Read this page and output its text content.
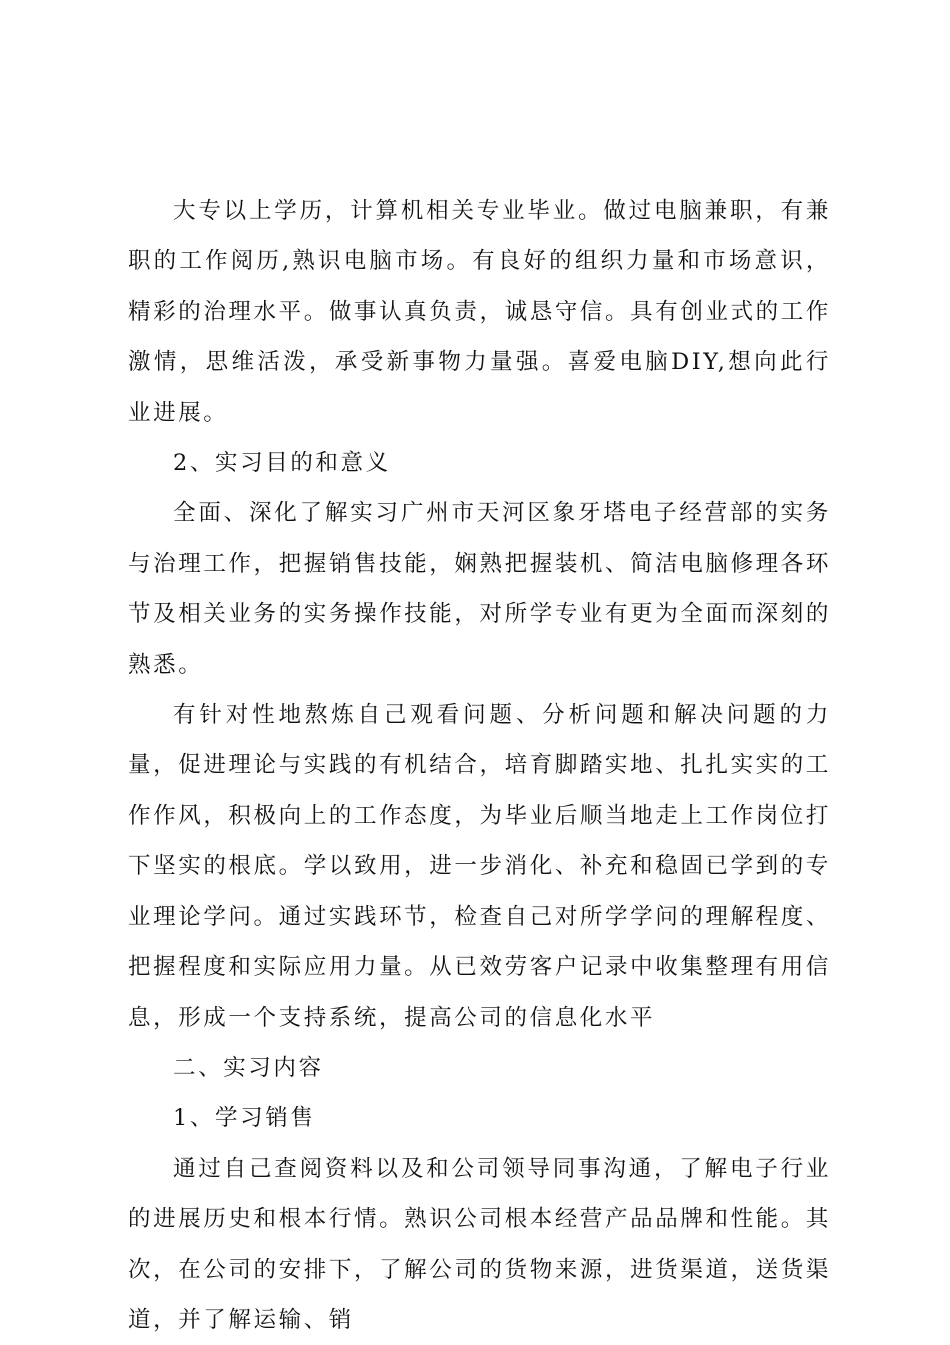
大专以上学历，计算机相关专业毕业。做过电脑兼职，有兼职的工作阅历,熟识电脑市场。有良好的组织力量和市场意识，精彩的治理水平。做事认真负责，诚恳守信。具有创业式的工作激情，思维活泼，承受新事物力量强。喜爱电脑DIY,想向此行业进展。

2、实习目的和意义

全面、深化了解实习广州市天河区象牙塔电子经营部的实务与治理工作，把握销售技能，娴熟把握装机、简洁电脑修理各环节及相关业务的实务操作技能，对所学专业有更为全面而深刻的熟悉。

有针对性地熬炼自己观看问题、分析问题和解决问题的力量，促进理论与实践的有机结合，培育脚踏实地、扎扎实实的工作作风，积极向上的工作态度，为毕业后顺当地走上工作岗位打下坚实的根底。学以致用，进一步消化、补充和稳固已学到的专业理论学问。通过实践环节，检查自己对所学学问的理解程度、把握程度和实际应用力量。从已效劳客户记录中收集整理有用信息，形成一个支持系统，提高公司的信息化水平

二、实习内容

1、学习销售

通过自己查阅资料以及和公司领导同事沟通，了解电子行业的进展历史和根本行情。熟识公司根本经营产品品牌和性能。其次，在公司的安排下，了解公司的货物来源，进货渠道，送货渠道，并了解运输、销
